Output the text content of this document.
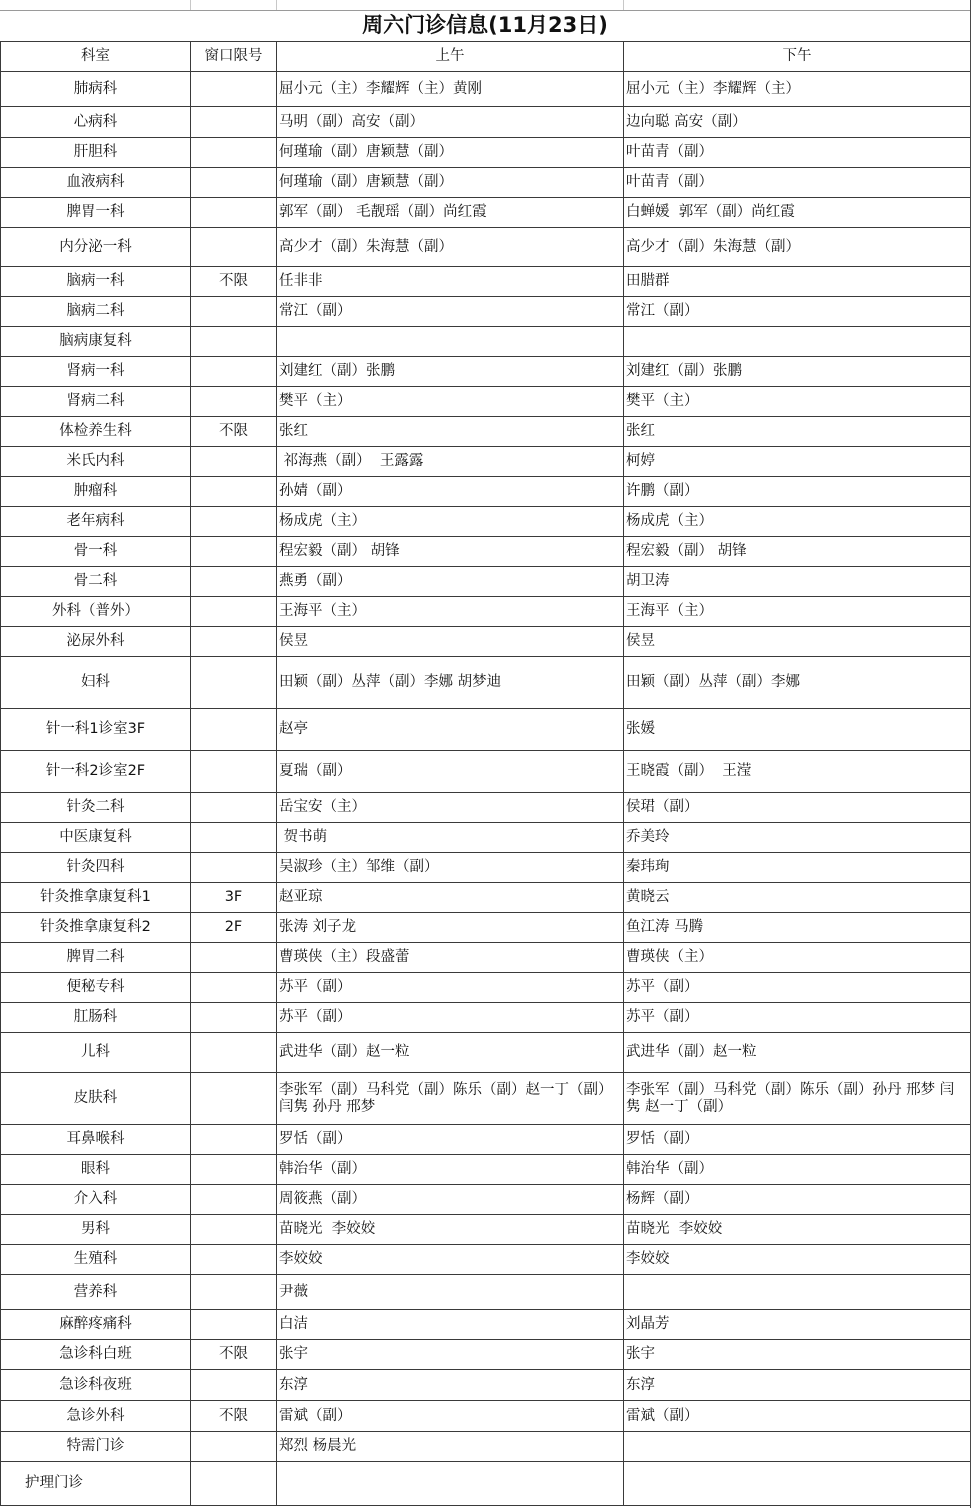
周六门诊信息(11月23日)
科室	窗口限号	上午	下午
肺病科		屈小元（主）李耀辉（主）黄刚	屈小元（主）李耀辉（主）
心病科		马明（副）高安（副）	边向聪 高安（副）
肝胆科		何瑾瑜（副）唐颖慧（副）	叶苗青（副）
血液病科		何瑾瑜（副）唐颖慧（副）	叶苗青（副）
脾胃一科		郭军（副） 毛靓瑶（副）尚红霞	白蝉媛  郭军（副）尚红霞
内分泌一科		高少才（副）朱海慧（副）	高少才（副）朱海慧（副）
脑病一科	不限	任非非	田腊群
脑病二科		常江（副）	常江（副）
脑病康复科			
肾病一科		刘建红（副）张鹏	刘建红（副）张鹏
肾病二科		樊平（主）	樊平（主）
体检养生科	不限	张红	张红
米氏内科		祁海燕（副）  王露露	柯婷
肿瘤科		孙婧（副）	许鹏（副）
老年病科		杨成虎（主）	杨成虎（主）
骨一科		程宏毅（副） 胡锋	程宏毅（副） 胡锋
骨二科		燕勇（副）	胡卫涛
外科（普外）		王海平（主）	王海平（主）
泌尿外科		侯昱	侯昱
妇科		田颖（副）丛萍（副）李娜 胡梦迪	田颖（副）丛萍（副）李娜
针一科1诊室3F		赵亭	张媛
针一科2诊室2F		夏瑞（副）	王晓霞（副）  王滢
针灸二科		岳宝安（主）	侯珺（副）
中医康复科		贺书萌	乔美玲
针灸四科		吴淑珍（主）邹维（副）	秦玮珣
针灸推拿康复科1	3F	赵亚琼	黄晓云
针灸推拿康复科2	2F	张涛 刘子龙	鱼江涛 马腾
脾胃二科		曹瑛侠（主）段盛蕾	曹瑛侠（主）
便秘专科		苏平（副）	苏平（副）
肛肠科		苏平（副）	苏平（副）
儿科		武进华（副）赵一粒	武进华（副）赵一粒
皮肤科		李张军（副）马科党（副）陈乐（副）赵一丁（副）闫隽 孙丹 邢梦	李张军（副）马科党（副）陈乐（副）孙丹 邢梦 闫隽 赵一丁（副）
耳鼻喉科		罗恬（副）	罗恬（副）
眼科		韩治华（副）	韩治华（副）
介入科		周筱燕（副）	杨辉（副）
男科		苗晓光  李姣姣	苗晓光  李姣姣
生殖科		李姣姣	李姣姣
营养科		尹薇	
麻醉疼痛科		白洁	刘晶芳
急诊科白班	不限	张宇	张宇
急诊科夜班		东淳	东淳
急诊外科	不限	雷斌（副）	雷斌（副）
特需门诊		郑烈 杨晨光	
护理门诊			
